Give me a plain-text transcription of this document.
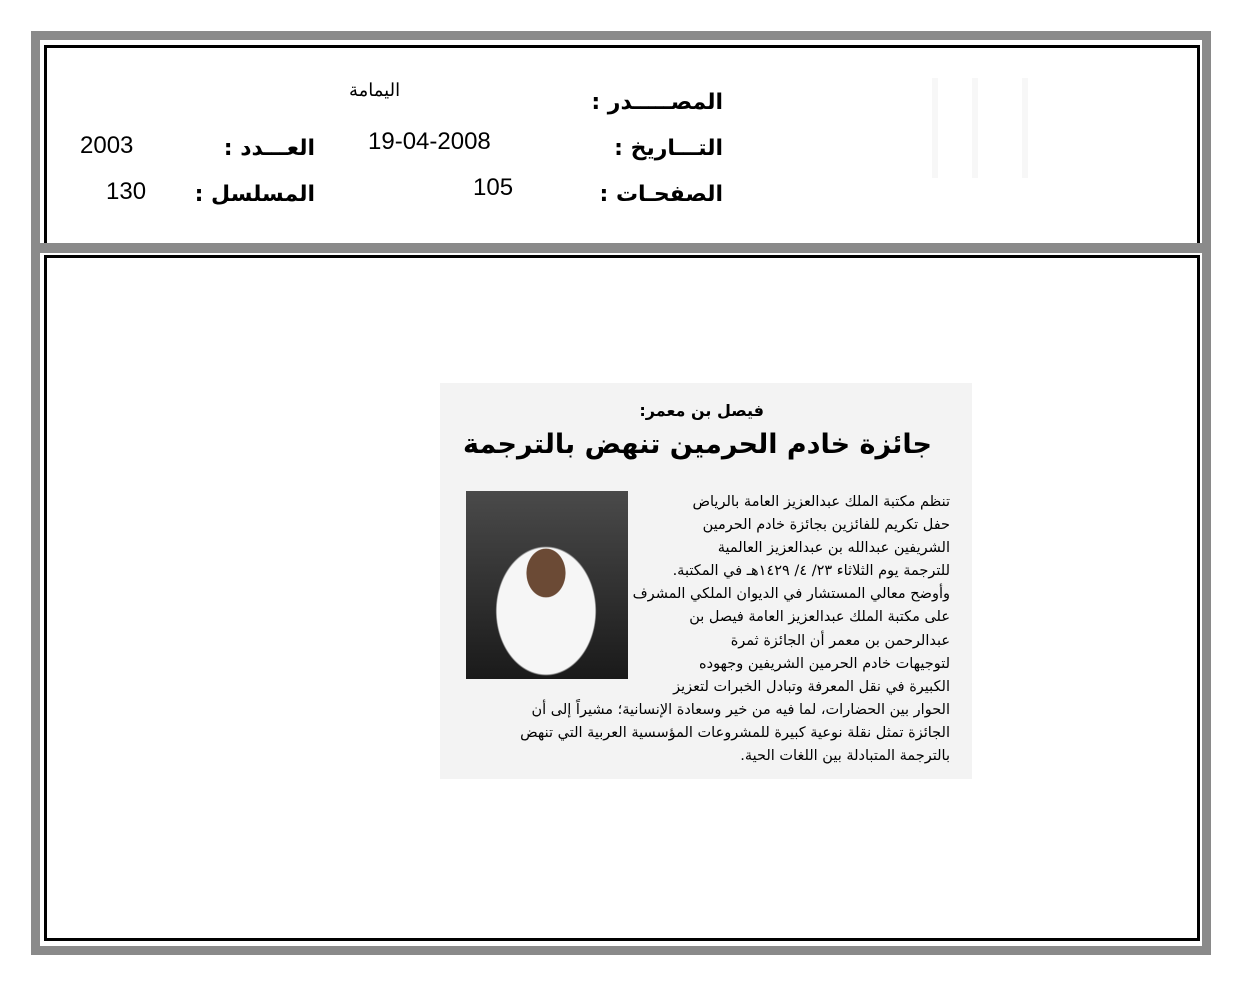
المصـــــدر :
اليمامة
التـــاريخ :
19-04-2008
الصفحـات :
105
العـــدد :
2003
المسلسل :
130
فيصل بن معمر:
جائزة خادم الحرمين تنهض بالترجمة
تنظم مكتبة الملك عبدالعزيز العامة بالرياض
حفل تكريم للفائزين بجائزة خادم الحرمين
الشريفين عبدالله بن عبدالعزيز العالمية
للترجمة يوم الثلاثاء ٢٣/ ٤/ ١٤٢٩هـ في المكتبة.
وأوضح معالي المستشار في الديوان الملكي المشرف
على مكتبة الملك عبدالعزيز العامة فيصل بن
عبدالرحمن بن معمر أن الجائزة ثمرة
لتوجيهات خادم الحرمين الشريفين وجهوده
الكبيرة في نقل المعرفة وتبادل الخبرات لتعزيز
الحوار بين الحضارات، لما فيه من خير وسعادة الإنسانية؛ مشيراً إلى أن
الجائزة تمثل نقلة نوعية كبيرة للمشروعات المؤسسية العربية التي تنهض
بالترجمة المتبادلة بين اللغات الحية.
